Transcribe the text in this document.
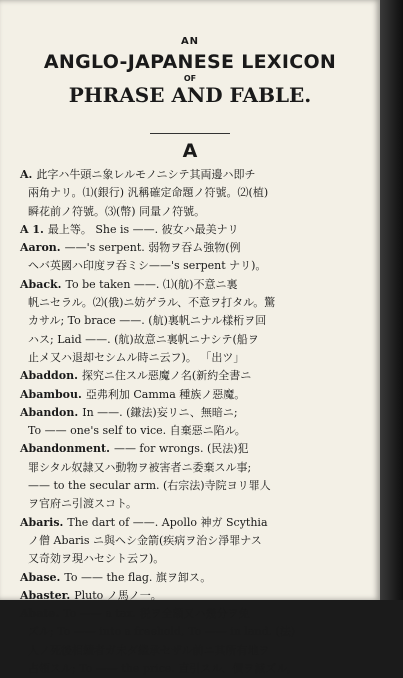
AN
ANGLO-JAPANESE LEXICON
OF
PHRASE AND FABLE.
A
A. 此字ハ牛頭ニ象レルモノニシテ其両邊ハ即チ
兩角ナリ。⑴(銀行) 汎稱確定命題ノ符號。⑵(植)
瞬花前ノ符號。⑶(幣) 同量ノ符號。
A 1. 最上等。 She is ——. 彼女ハ最美ナリ
Aaron. ——'s serpent. 弱物ヲ吞ム強物(例
ヘバ英國ハ印度ヲ吞ミシ——'s serpent ナリ)。
Aback. To be taken ——. ⑴(航)不意ニ裏
帆ニセラル。⑵(俄)ニ妨ゲラル、不意ヲ打タル。驚
カサル; To brace ——. (航)裏帆ニナル樣桁ヲ回
ハス; Laid ——. (航)故意ニ裏帆ニナシテ(船ヲ
止メ又ハ退却セシムル時ニ云フ)。 「出ツ」
Abaddon. 探究ニ住スル惡魔ノ名(新約全書ニ
Abambou. 亞弗利加 Camma 種族ノ惡魔。
Abandon. In ——. (鎌法)妄リニ、無暗ニ;
To —— one's self to vice. 自棄惡ニ陷ル。
Abandonment. —— for wrongs. (民法)犯
罪シタル奴隷又ハ動物ヲ被害者ニ委棄スル事;
—— to the secular arm. (右宗法)寺院ヨリ罪人
ヲ官府ニ引渡スコト。
Abaris. The dart of ——. Apollo 神ガ Scythia
ノ僧 Abaris ニ與ヘシ金箭(疾病ヲ治シ淨罪ナス
又奇効ヲ現ハセシト云フ)。
Abase. To —— the flag. 旗ヲ卸ス。
Abaster. Pluto ノ馬ノ一。
Abate. To —— a tax. 税ヲ全額又ハ幾分ヲ免
ズル; To —— into a freehold, To —— in land. (法)
人ノ死後相續者ガ未ダ繼承セザル前ニ其所有地ヲ
占領スル; To —— the price. 直引スル、價ヲ減ズル。
